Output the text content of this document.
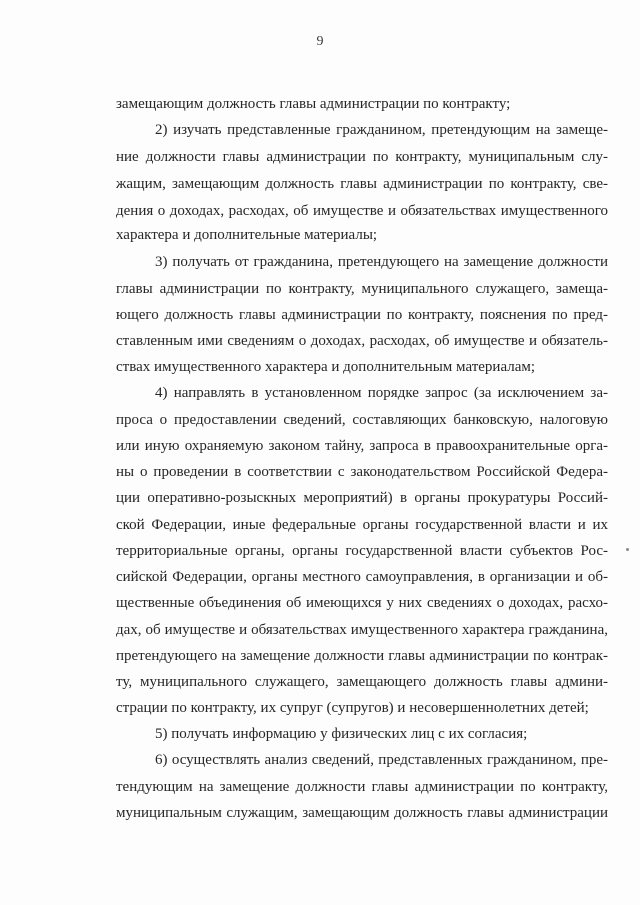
9
замещающим должность главы администрации по контракту;
2) изучать представленные гражданином, претендующим на замеще-
ние должности главы администрации по контракту, муниципальным слу-
жащим, замещающим должность главы администрации по контракту, све-
дения о доходах, расходах, об имуществе и обязательствах имущественного
характера и дополнительные материалы;
3) получать от гражданина, претендующего на замещение должности
главы администрации по контракту, муниципального служащего, замеща-
ющего должность главы администрации по контракту, пояснения по пред-
ставленным ими сведениям о доходах, расходах, об имуществе и обязатель-
ствах имущественного характера и дополнительным материалам;
4) направлять в установленном порядке запрос (за исключением за-
проса о предоставлении сведений, составляющих банковскую, налоговую
или иную охраняемую законом тайну, запроса в правоохранительные орга-
ны о проведении в соответствии с законодательством Российской Федера-
ции оперативно-розыскных мероприятий) в органы прокуратуры Россий-
ской Федерации, иные федеральные органы государственной власти и их
территориальные органы, органы государственной власти субъектов Рос-
сийской Федерации, органы местного самоуправления, в организации и об-
щественные объединения об имеющихся у них сведениях о доходах, расхо-
дах, об имуществе и обязательствах имущественного характера гражданина,
претендующего на замещение должности главы администрации по контрак-
ту, муниципального служащего, замещающего должность главы админи-
страции по контракту, их супруг (супругов) и несовершеннолетних детей;
5) получать информацию у физических лиц с их согласия;
6) осуществлять анализ сведений, представленных гражданином, пре-
тендующим на замещение должности главы администрации по контракту,
муниципальным служащим, замещающим должность главы администрации
